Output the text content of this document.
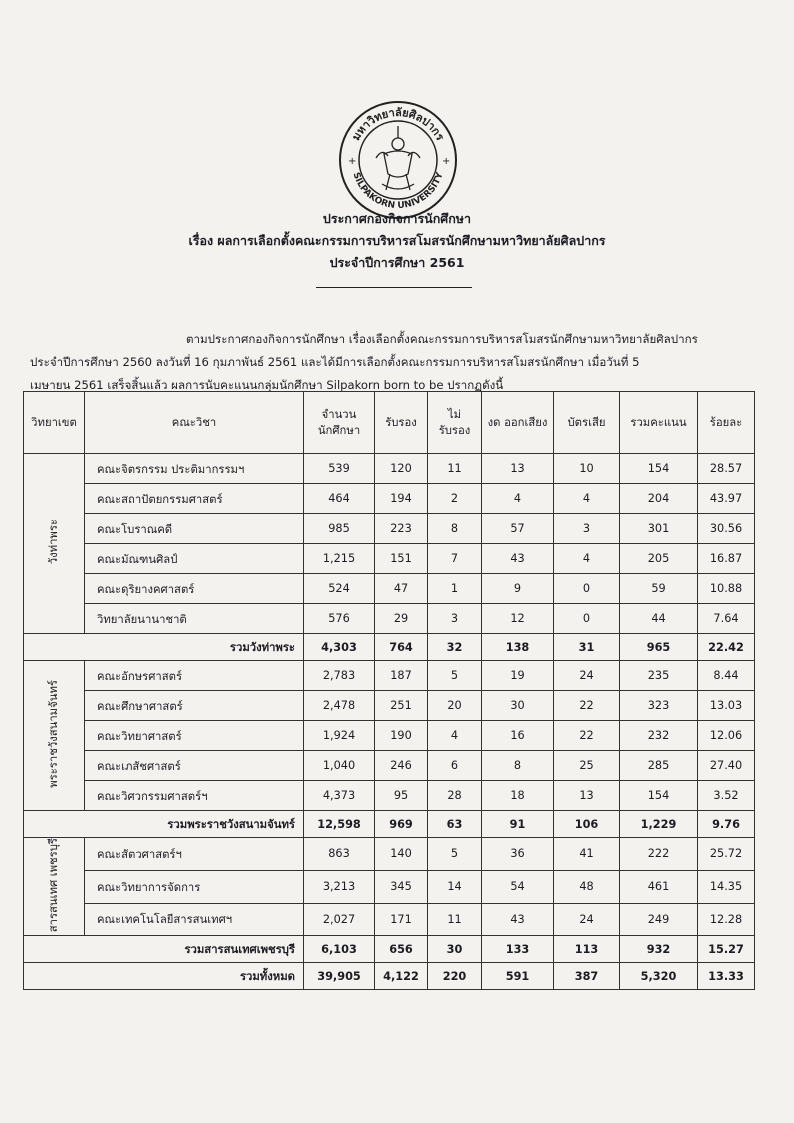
มหาวิทยาลัยศิลปากร
SILPAKORN UNIVERSITY
+	+
ประกาศกองกิจการนักศึกษา
เรื่อง ผลการเลือกตั้งคณะกรรมการบริหารสโมสรนักศึกษามหาวิทยาลัยศิลปากร
ประจำปีการศึกษา 2561

ตามประกาศกองกิจการนักศึกษา เรื่องเลือกตั้งคณะกรรมการบริหารสโมสรนักศึกษามหาวิทยาลัยศิลปากร

ประจำปีการศึกษา 2560 ลงวันที่ 16 กุมภาพันธ์ 2561 และได้มีการเลือกตั้งคณะกรรมการบริหารสโมสรนักศึกษา เมื่อวันที่ 5

เมษายน 2561 เสร็จสิ้นแล้ว ผลการนับคะแนนกลุ่มนักศึกษา Silpakorn born to be ปรากฏดังนี้

วิทยาเขต	คณะวิชา	จำนวน นักศึกษา	รับรอง	ไม่ รับรอง	งด ออกเสียง	บัตรเสีย	รวมคะแนน	ร้อยละ
วังท่าพระ	คณะจิตรกรรม ประติมากรรมฯ	539	120	11	13	10	154	28.57
	คณะสถาปัตยกรรมศาสตร์	464	194	2	4	4	204	43.97
	คณะโบราณคดี	985	223	8	57	3	301	30.56
	คณะมัณฑนศิลป์	1,215	151	7	43	4	205	16.87
	คณะดุริยางคศาสตร์	524	47	1	9	0	59	10.88
	วิทยาลัยนานาชาติ	576	29	3	12	0	44	7.64
รวมวังท่าพระ		4,303	764	32	138	31	965	22.42
พระราชวังสนามจันทร์	คณะอักษรศาสตร์	2,783	187	5	19	24	235	8.44
	คณะศึกษาศาสตร์	2,478	251	20	30	22	323	13.03
	คณะวิทยาศาสตร์	1,924	190	4	16	22	232	12.06
	คณะเภสัชศาสตร์	1,040	246	6	8	25	285	27.40
	คณะวิศวกรรมศาสตร์ฯ	4,373	95	28	18	13	154	3.52
รวมพระราชวังสนามจันทร์		12,598	969	63	91	106	1,229	9.76
สารสนเทศ เพชรบุรี	คณะสัตวศาสตร์ฯ	863	140	5	36	41	222	25.72
	คณะวิทยาการจัดการ	3,213	345	14	54	48	461	14.35
	คณะเทคโนโลยีสารสนเทศฯ	2,027	171	11	43	24	249	12.28
รวมสารสนเทศเพชรบุรี		6,103	656	30	133	113	932	15.27
รวมทั้งหมด		39,905	4,122	220	591	387	5,320	13.33
